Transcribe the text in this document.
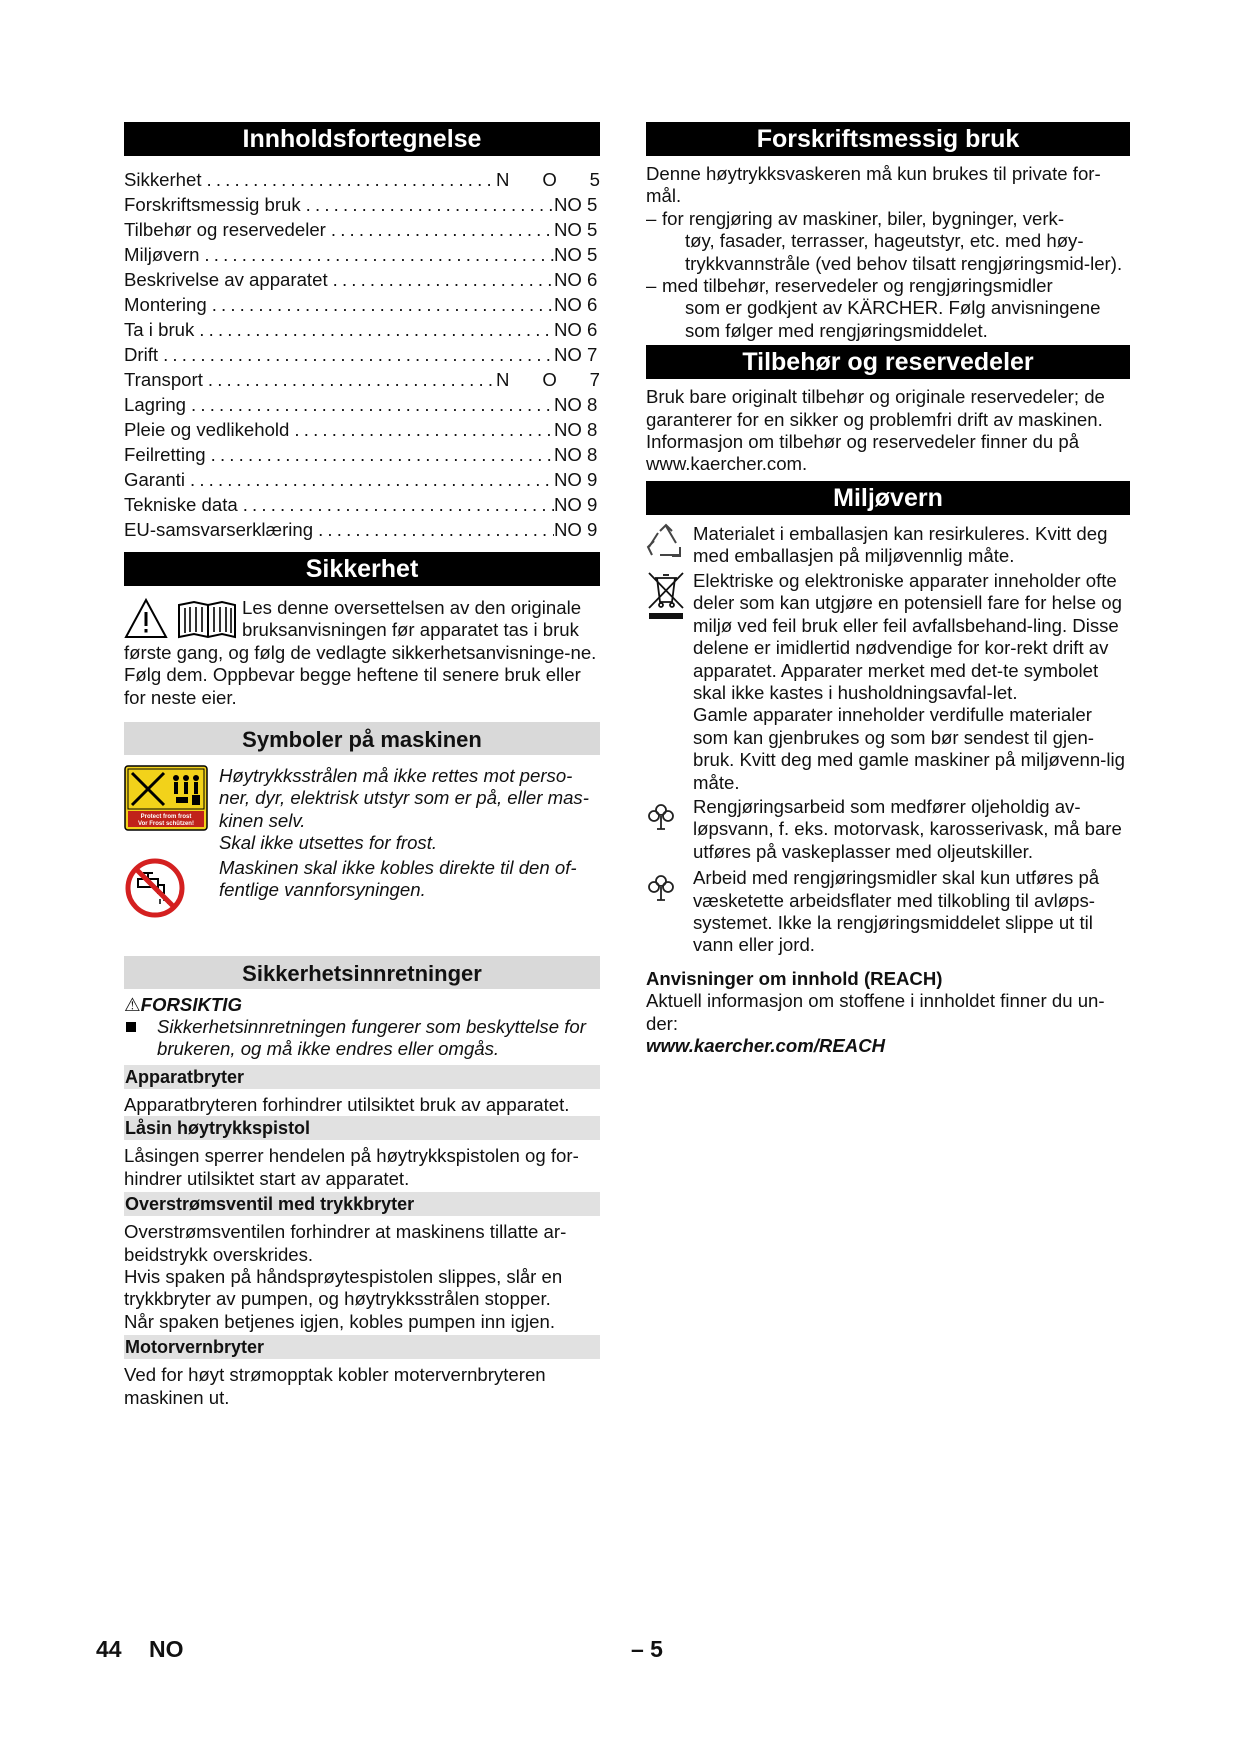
Innholdsfortegnelse
Sikkerhet . . .	N O 5
Forskriftsmessig bruk . . .	NO 5
Tilbehør og reservedeler . . .	NO 5
Miljøvern . . .	NO 5
Beskrivelse av apparatet . . .	NO 6
Montering . . .	NO 6
Ta i bruk . . .	NO 6
Drift . . .	NO 7
Transport . . .	N O 7
Lagring . . .	NO 8
Pleie og vedlikehold . . .	NO 8
Feilretting . . .	NO 8
Garanti . . .	NO 9
Tekniske data . . .	NO 9
EU-samsvarserklæring . . .	NO 9
Sikkerhet

Les denne oversettelsen av den originale

bruksanvisningen før apparatet tas i bruk

første gang, og følg de vedlagte sikkerhetsanvisninge-ne. Følg dem. Oppbevar begge heftene til senere bruk eller for neste eier.

Symboler på maskinen
Protect from frost
Vor Frost schützen!

Høytrykksstrålen må ikke rettes mot perso-ner, dyr, elektrisk utstyr som er på, eller mas-kinen selv.

Skal ikke utsettes for frost.

Maskinen skal ikke kobles direkte til den of-fentlige vannforsyningen.

Sikkerhetsinnretninger

⚠FORSIKTIG

Sikkerhetsinnretningen fungerer som beskyttelse for brukeren, og må ikke endres eller omgås.

Apparatbryter

Apparatbryteren forhindrer utilsiktet bruk av apparatet.

Låsin høytrykkspistol

Låsingen sperrer hendelen på høytrykkspistolen og for-hindrer utilsiktet start av apparatet.

Overstrømsventil med trykkbryter

Overstrømsventilen forhindrer at maskinens tillatte ar-beidstrykk overskrides.

Hvis spaken på håndsprøytespistolen slippes, slår en trykkbryter av pumpen, og høytrykksstrålen stopper.

Når spaken betjenes igjen, kobles pumpen inn igjen.

Motorvernbryter

Ved for høyt strømopptak kobler motervernbryteren maskinen ut.

Forskriftsmessig bruk

Denne høytrykksvaskeren må kun brukes til private for-mål.

– for rengjøring av maskiner, biler, bygninger, verk-

tøy, fasader, terrasser, hageutstyr, etc. med høy-trykkvannstråle (ved behov tilsatt rengjøringsmid-ler).

– med tilbehør, reservedeler og rengjøringsmidler

som er godkjent av KÄRCHER. Følg anvisningene som følger med rengjøringsmiddelet.

Tilbehør og reservedeler

Bruk bare originalt tilbehør og originale reservedeler; de garanterer for en sikker og problemfri drift av maskinen. Informasjon om tilbehør og reservedeler finner du på www.kaercher.com.

Miljøvern

Materialet i emballasjen kan resirkuleres. Kvitt deg med emballasjen på miljøvennlig måte.

Elektriske og elektroniske apparater inneholder ofte deler som kan utgjøre en potensiell fare for helse og miljø ved feil bruk eller feil avfallsbehand-ling. Disse delene er imidlertid nødvendige for kor-rekt drift av apparatet. Apparater merket med det-te symbolet skal ikke kastes i husholdningsavfal-let.

Gamle apparater inneholder verdifulle materialer som kan gjenbrukes og som bør sendest til gjen-bruk. Kvitt deg med gamle maskiner på miljøvenn-lig måte.

Rengjøringsarbeid som medfører oljeholdig av-løpsvann, f. eks. motorvask, karosserivask, må bare utføres på vaskeplasser med oljeutskiller.

Arbeid med rengjøringsmidler skal kun utføres på væsketette arbeidsflater med tilkobling til avløps-systemet. Ikke la rengjøringsmiddelet slippe ut til vann eller jord.

Anvisninger om innhold (REACH)

Aktuell informasjon om stoffene i innholdet finner du un-der:

www.kaercher.com/REACH

44 NO	– 5
